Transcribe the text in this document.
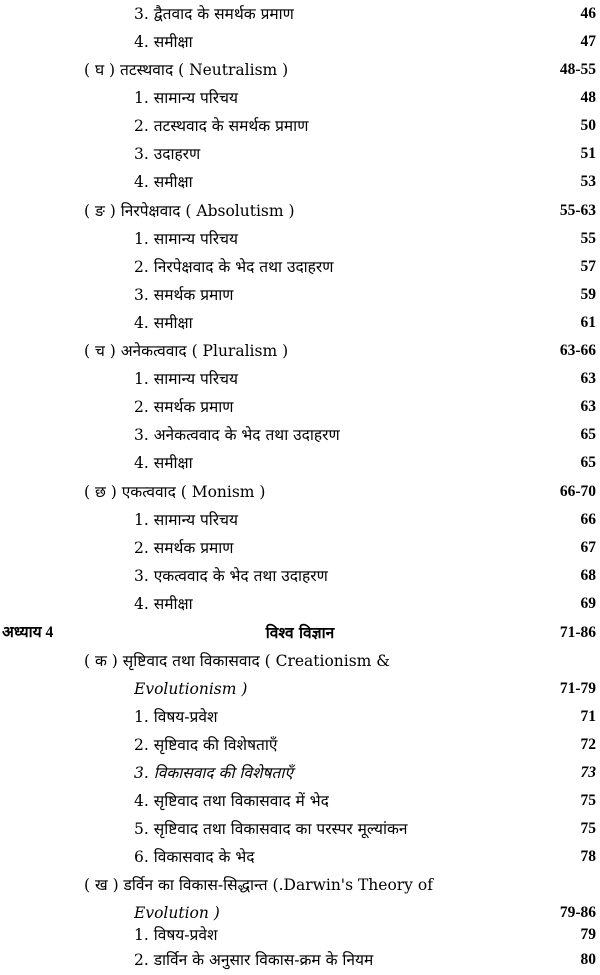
3. द्वैतवाद के समर्थक प्रमाण	46
4. समीक्षा	47
( घ ) तटस्थवाद ( Neutralism )	48-55
1. सामान्य परिचय	48
2. तटस्थवाद के समर्थक प्रमाण	50
3. उदाहरण	51
4. समीक्षा	53
( ङ ) निरपेक्षवाद ( Absolutism )	55-63
1. सामान्य परिचय	55
2. निरपेक्षवाद के भेद तथा उदाहरण	57
3. समर्थक प्रमाण	59
4. समीक्षा	61
( च ) अनेकत्ववाद ( Pluralism )	63-66
1. सामान्य परिचय	63
2. समर्थक प्रमाण	63
3. अनेकत्ववाद के भेद तथा उदाहरण	65
4. समीक्षा	65
( छ ) एकत्ववाद ( Monism )	66-70
1. सामान्य परिचय	66
2. समर्थक प्रमाण	67
3. एकत्ववाद के भेद तथा उदाहरण	68
4. समीक्षा	69
अध्याय 4	विश्व विज्ञान	71-86
( क ) सृष्टिवाद तथा विकासवाद ( Creationism &
Evolutionism )	71-79
1. विषय-प्रवेश	71
2. सृष्टिवाद की विशेषताएँ	72
3. विकासवाद की विशेषताएँ	73
4. सृष्टिवाद तथा विकासवाद में भेद	75
5. सृष्टिवाद तथा विकासवाद का परस्पर मूल्यांकन	75
6. विकासवाद के भेद	78
( ख ) डर्विन का विकास-सिद्धान्त (.Darwin's Theory of
Evolution )	79-86
1. विषय-प्रवेश	79
2. डार्विन के अनुसार विकास-क्रम के नियम	80
